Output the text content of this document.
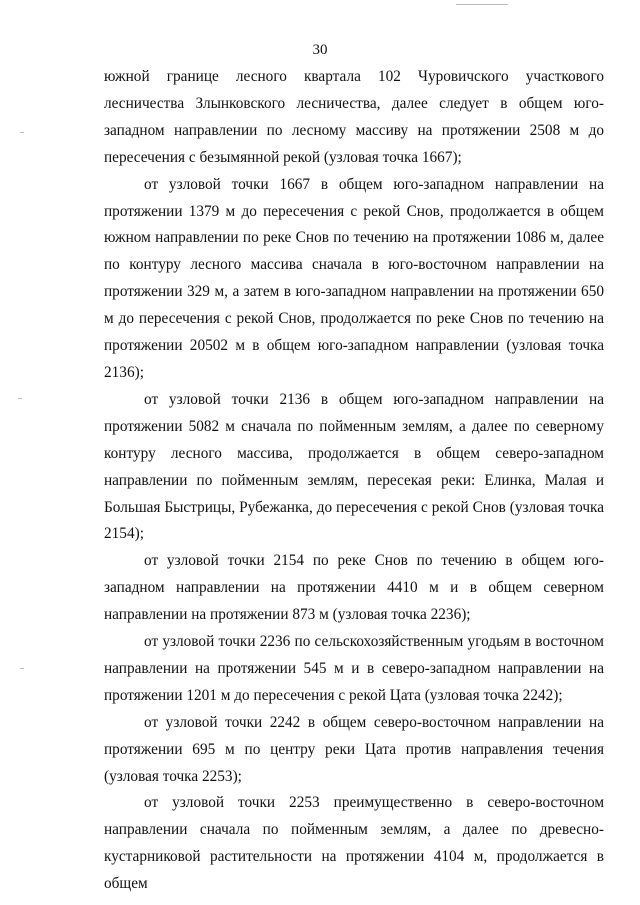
30

южной границе лесного квартала 102 Чуровичского участкового лесничества Злынковского лесничества, далее следует в общем юго-западном направлении по лесному массиву на протяжении 2508 м до пересечения с безымянной рекой (узловая точка 1667);

от узловой точки 1667 в общем юго-западном направлении на протяжении 1379 м до пересечения с рекой Снов, продолжается в общем южном направлении по реке Снов по течению на протяжении 1086 м, далее по контуру лесного массива сначала в юго-восточном направлении на протяжении 329 м, а затем в юго-западном направлении на протяжении 650 м до пересечения с рекой Снов, продолжается по реке Снов по течению на протяжении 20502 м в общем юго-западном направлении (узловая точка 2136);

от узловой точки 2136 в общем юго-западном направлении на протяжении 5082 м сначала по пойменным землям, а далее по северному контуру лесного массива, продолжается в общем северо-западном направлении по пойменным землям, пересекая реки: Елинка, Малая и Большая Быстрицы, Рубежанка, до пересечения с рекой Снов (узловая точка 2154);

от узловой точки 2154 по реке Снов по течению в общем юго-западном направлении на протяжении 4410 м и в общем северном направлении на протяжении 873 м (узловая точка 2236);

от узловой точки 2236 по сельскохозяйственным угодьям в восточном направлении на протяжении 545 м и в северо-западном направлении на протяжении 1201 м до пересечения с рекой Цата (узловая точка 2242);

от узловой точки 2242 в общем северо-восточном направлении на протяжении 695 м по центру реки Цата против направления течения (узловая точка 2253);

от узловой точки 2253 преимущественно в северо-восточном направлении сначала по пойменным землям, а далее по древесно-кустарниковой растительности на протяжении 4104 м, продолжается в общем
